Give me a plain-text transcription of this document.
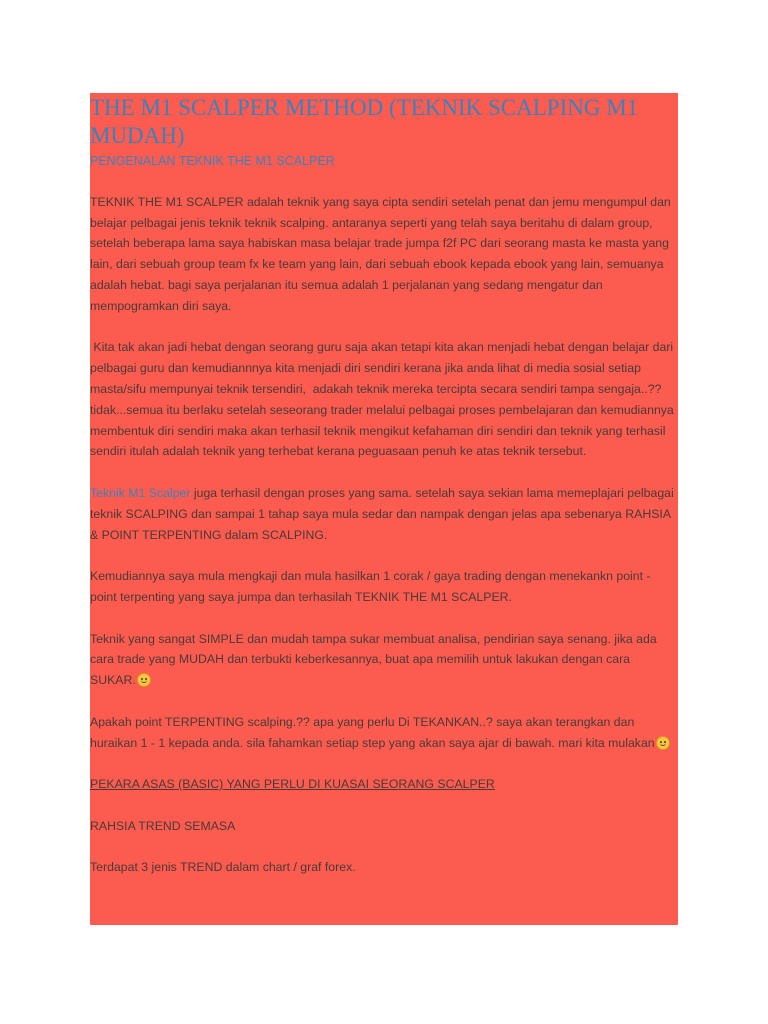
THE M1 SCALPER METHOD (TEKNIK SCALPING M1 MUDAH)
PENGENALAN TEKNIK THE M1 SCALPER

TEKNIK THE M1 SCALPER adalah teknik yang saya cipta sendiri setelah penat dan jemu mengumpul dan belajar pelbagai jenis teknik teknik scalping. antaranya seperti yang telah saya beritahu di dalam group, setelah beberapa lama saya habiskan masa belajar trade jumpa f2f PC dari seorang masta ke masta yang lain, dari sebuah group team fx ke team yang lain, dari sebuah ebook kepada ebook yang lain, semuanya adalah hebat. bagi saya perjalanan itu semua adalah 1 perjalanan yang sedang mengatur dan mempogramkan diri saya.

Kita tak akan jadi hebat dengan seorang guru saja akan tetapi kita akan menjadi hebat dengan belajar dari pelbagai guru dan kemudiannnya kita menjadi diri sendiri kerana jika anda lihat di media sosial setiap masta/sifu mempunyai teknik tersendiri,  adakah teknik mereka tercipta secara sendiri tampa sengaja..?? tidak...semua itu berlaku setelah seseorang trader melalui pelbagai proses pembelajaran dan kemudiannya membentuk diri sendiri maka akan terhasil teknik mengikut kefahaman diri sendiri dan teknik yang terhasil sendiri itulah adalah teknik yang terhebat kerana peguasaan penuh ke atas teknik tersebut.

Teknik M1 Scalper juga terhasil dengan proses yang sama. setelah saya sekian lama memeplajari pelbagai teknik SCALPING dan sampai 1 tahap saya mula sedar dan nampak dengan jelas apa sebenarya RAHSIA & POINT TERPENTING dalam SCALPING.

Kemudiannya saya mula mengkaji dan mula hasilkan 1 corak / gaya trading dengan menekankn point - point terpenting yang saya jumpa dan terhasilah TEKNIK THE M1 SCALPER.

Teknik yang sangat SIMPLE dan mudah tampa sukar membuat analisa, pendirian saya senang. jika ada cara trade yang MUDAH dan terbukti keberkesannya, buat apa memilih untuk lakukan dengan cara SUKAR.

Apakah point TERPENTING scalping.?? apa yang perlu Di TEKANKAN..? saya akan terangkan dan huraikan 1 - 1 kepada anda. sila fahamkan setiap step yang akan saya ajar di bawah. mari kita mulakan

PEKARA ASAS (BASIC) YANG PERLU DI KUASAI SEORANG SCALPER

RAHSIA TREND SEMASA

Terdapat 3 jenis TREND dalam chart / graf forex.
